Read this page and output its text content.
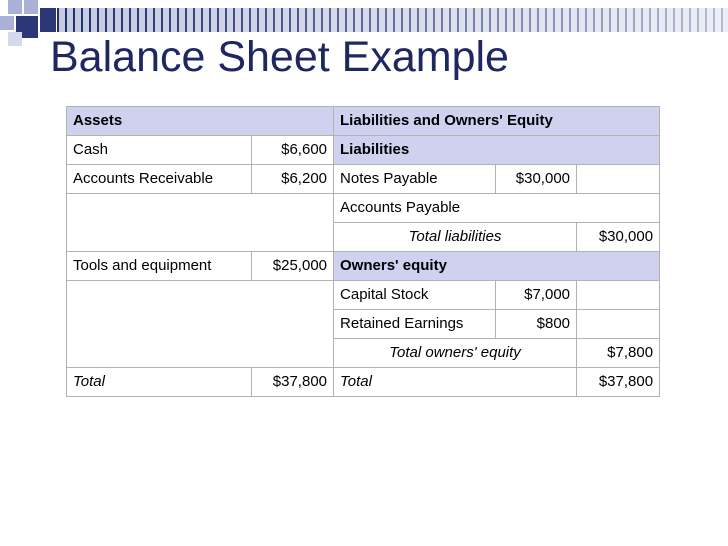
Balance Sheet Example
Assets		Liabilities and Owners' Equity		
Cash	$6,600	Liabilities		
Accounts Receivable	$6,200	Notes Payable	$30,000	
		Accounts Payable		
		Total liabilities		$30,000
Tools and equipment	$25,000	Owners' equity		
		Capital Stock	$7,000	
		Retained Earnings	$800	
		Total owners' equity		$7,800
Total	$37,800	Total		$37,800
